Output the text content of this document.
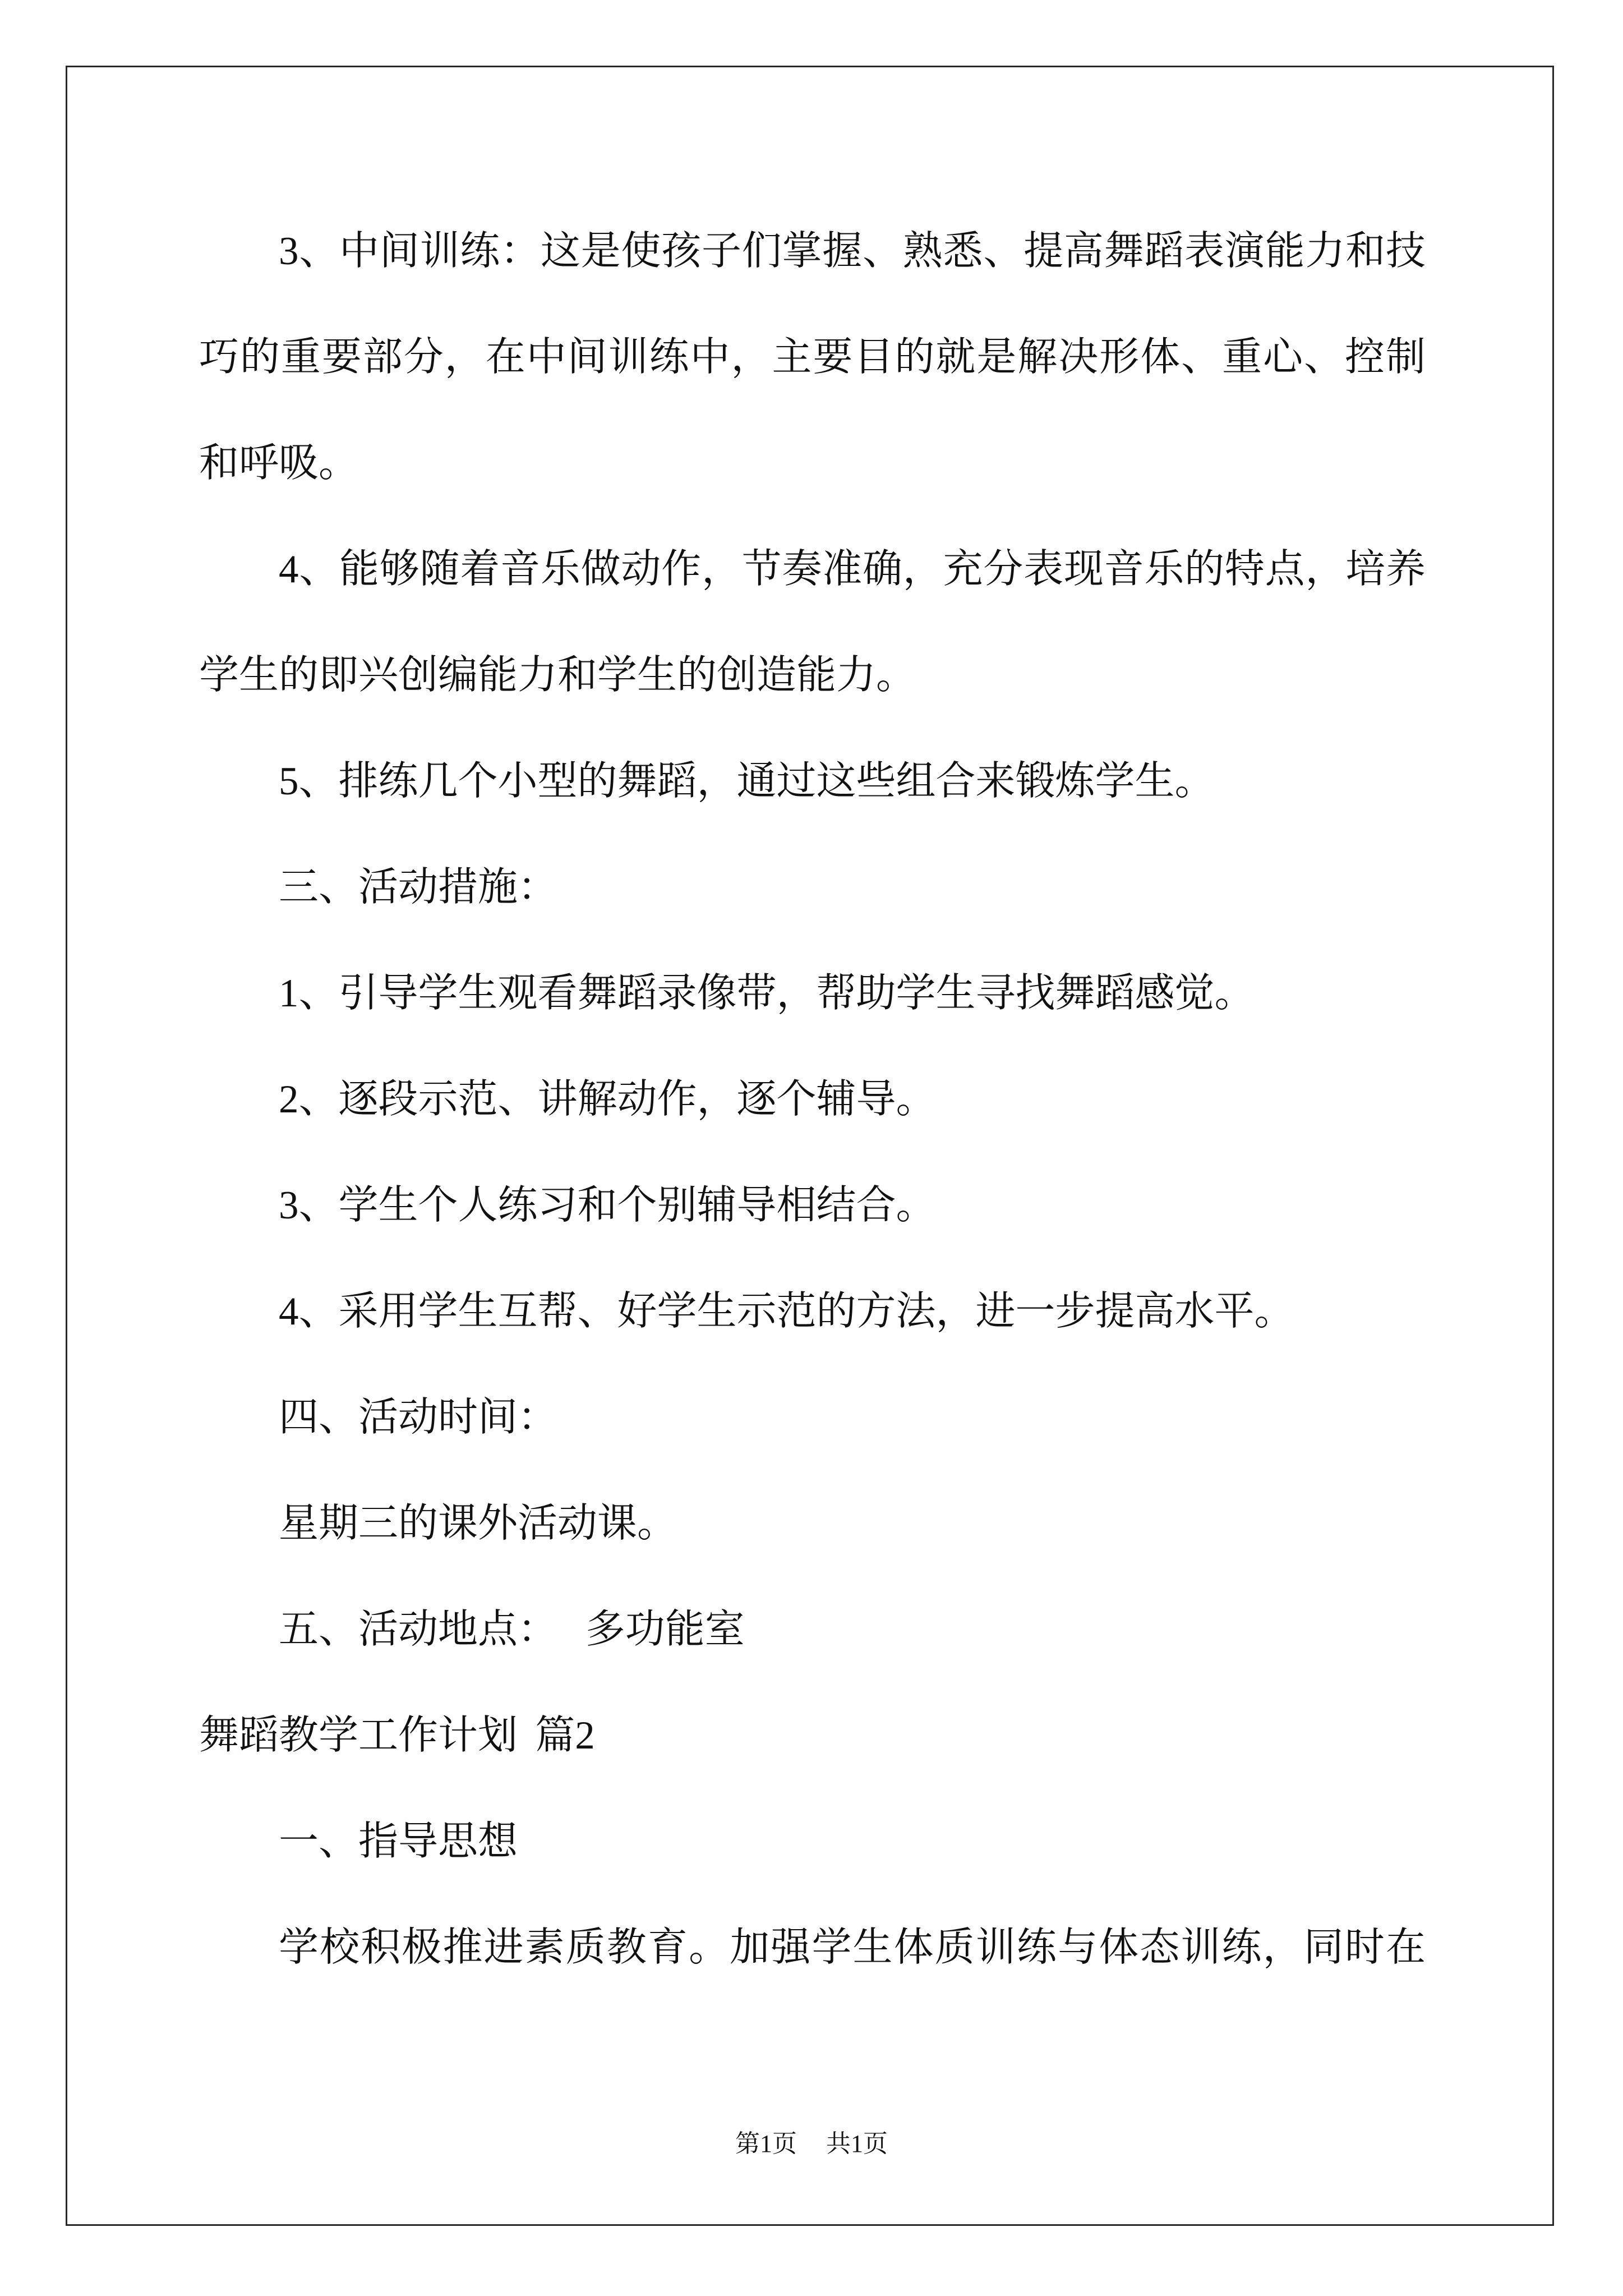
3、中间训练：这是使孩子们掌握、熟悉、提高舞蹈表演能力和技
巧的重要部分，在中间训练中，主要目的就是解决形体、重心、控制
和呼吸。
4、能够随着音乐做动作，节奏准确，充分表现音乐的特点，培养
学生的即兴创编能力和学生的创造能力。
5、排练几个小型的舞蹈，通过这些组合来锻炼学生。
三、活动措施：
1、引导学生观看舞蹈录像带，帮助学生寻找舞蹈感觉。
2、逐段示范、讲解动作，逐个辅导。
3、学生个人练习和个别辅导相结合。
4、采用学生互帮、好学生示范的方法，进一步提高水平。
四、活动时间：
星期三的课外活动课。
五、活动地点： 多功能室
舞蹈教学工作计划 篇2
一、指导思想
学校积极推进素质教育。加强学生体质训练与体态训练，同时在
第1页 共1页
